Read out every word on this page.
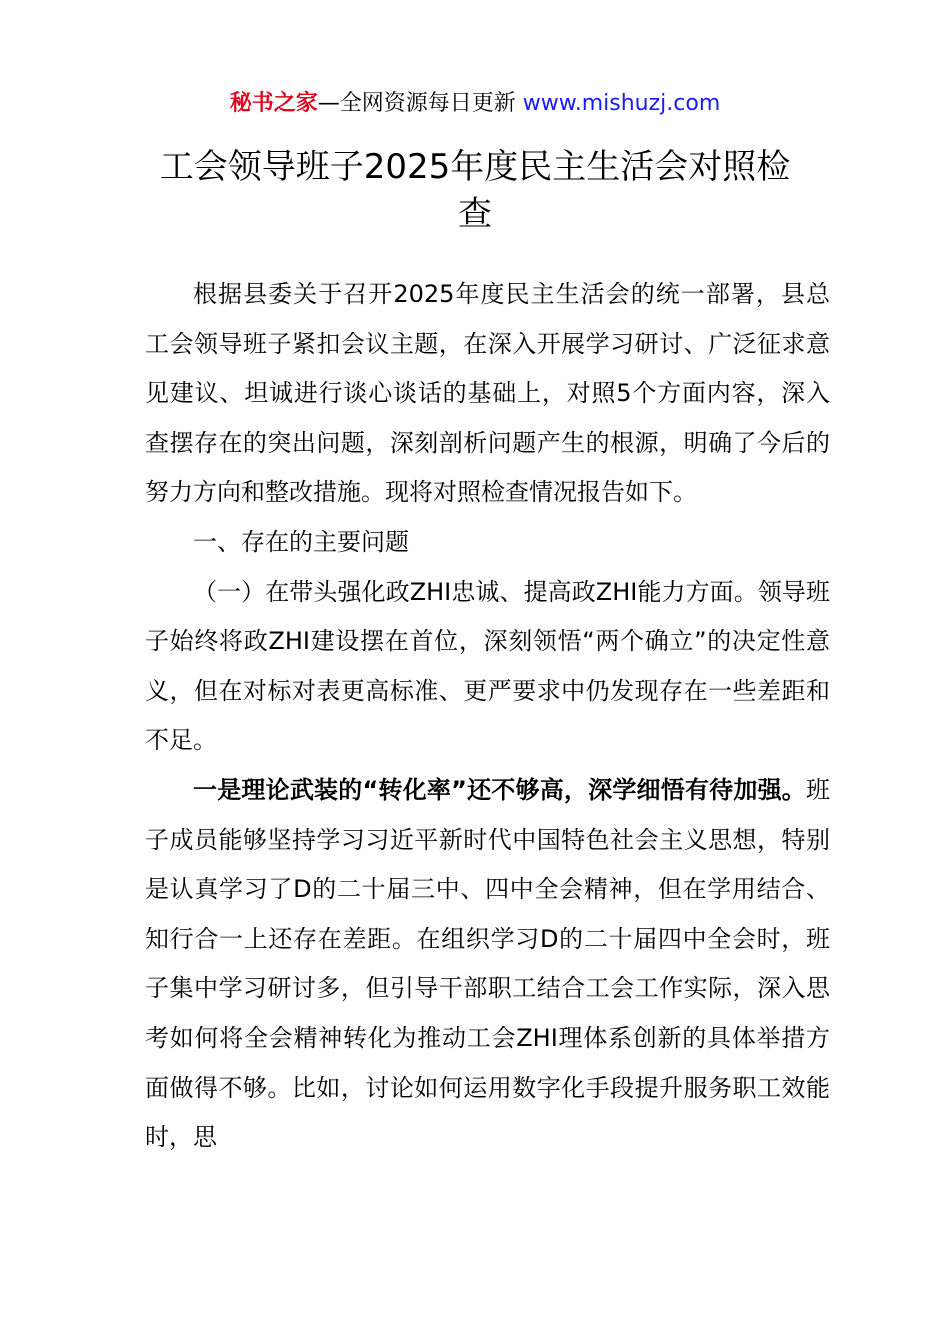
秘书之家—全网资源每日更新 www.mishuzj.com
工会领导班子2025年度民主生活会对照检查

根据县委关于召开2025年度民主生活会的统一部署，县总工会领导班子紧扣会议主题，在深入开展学习研讨、广泛征求意见建议、坦诚进行谈心谈话的基础上，对照5个方面内容，深入查摆存在的突出问题，深刻剖析问题产生的根源，明确了今后的努力方向和整改措施。现将对照检查情况报告如下。

一、存在的主要问题

（一）在带头强化政ZHI忠诚、提高政ZHI能力方面。领导班子始终将政ZHI建设摆在首位，深刻领悟“两个确立”的决定性意义，但在对标对表更高标准、更严要求中仍发现存在一些差距和不足。

一是理论武装的“转化率”还不够高，深学细悟有待加强。班子成员能够坚持学习习近平新时代中国特色社会主义思想，特别是认真学习了D的二十届三中、四中全会精神，但在学用结合、知行合一上还存在差距。在组织学习D的二十届四中全会时，班子集中学习研讨多，但引导干部职工结合工会工作实际，深入思考如何将全会精神转化为推动工会ZHI理体系创新的具体举措方面做得不够。比如，讨论如何运用数字化手段提升服务职工效能时，思
